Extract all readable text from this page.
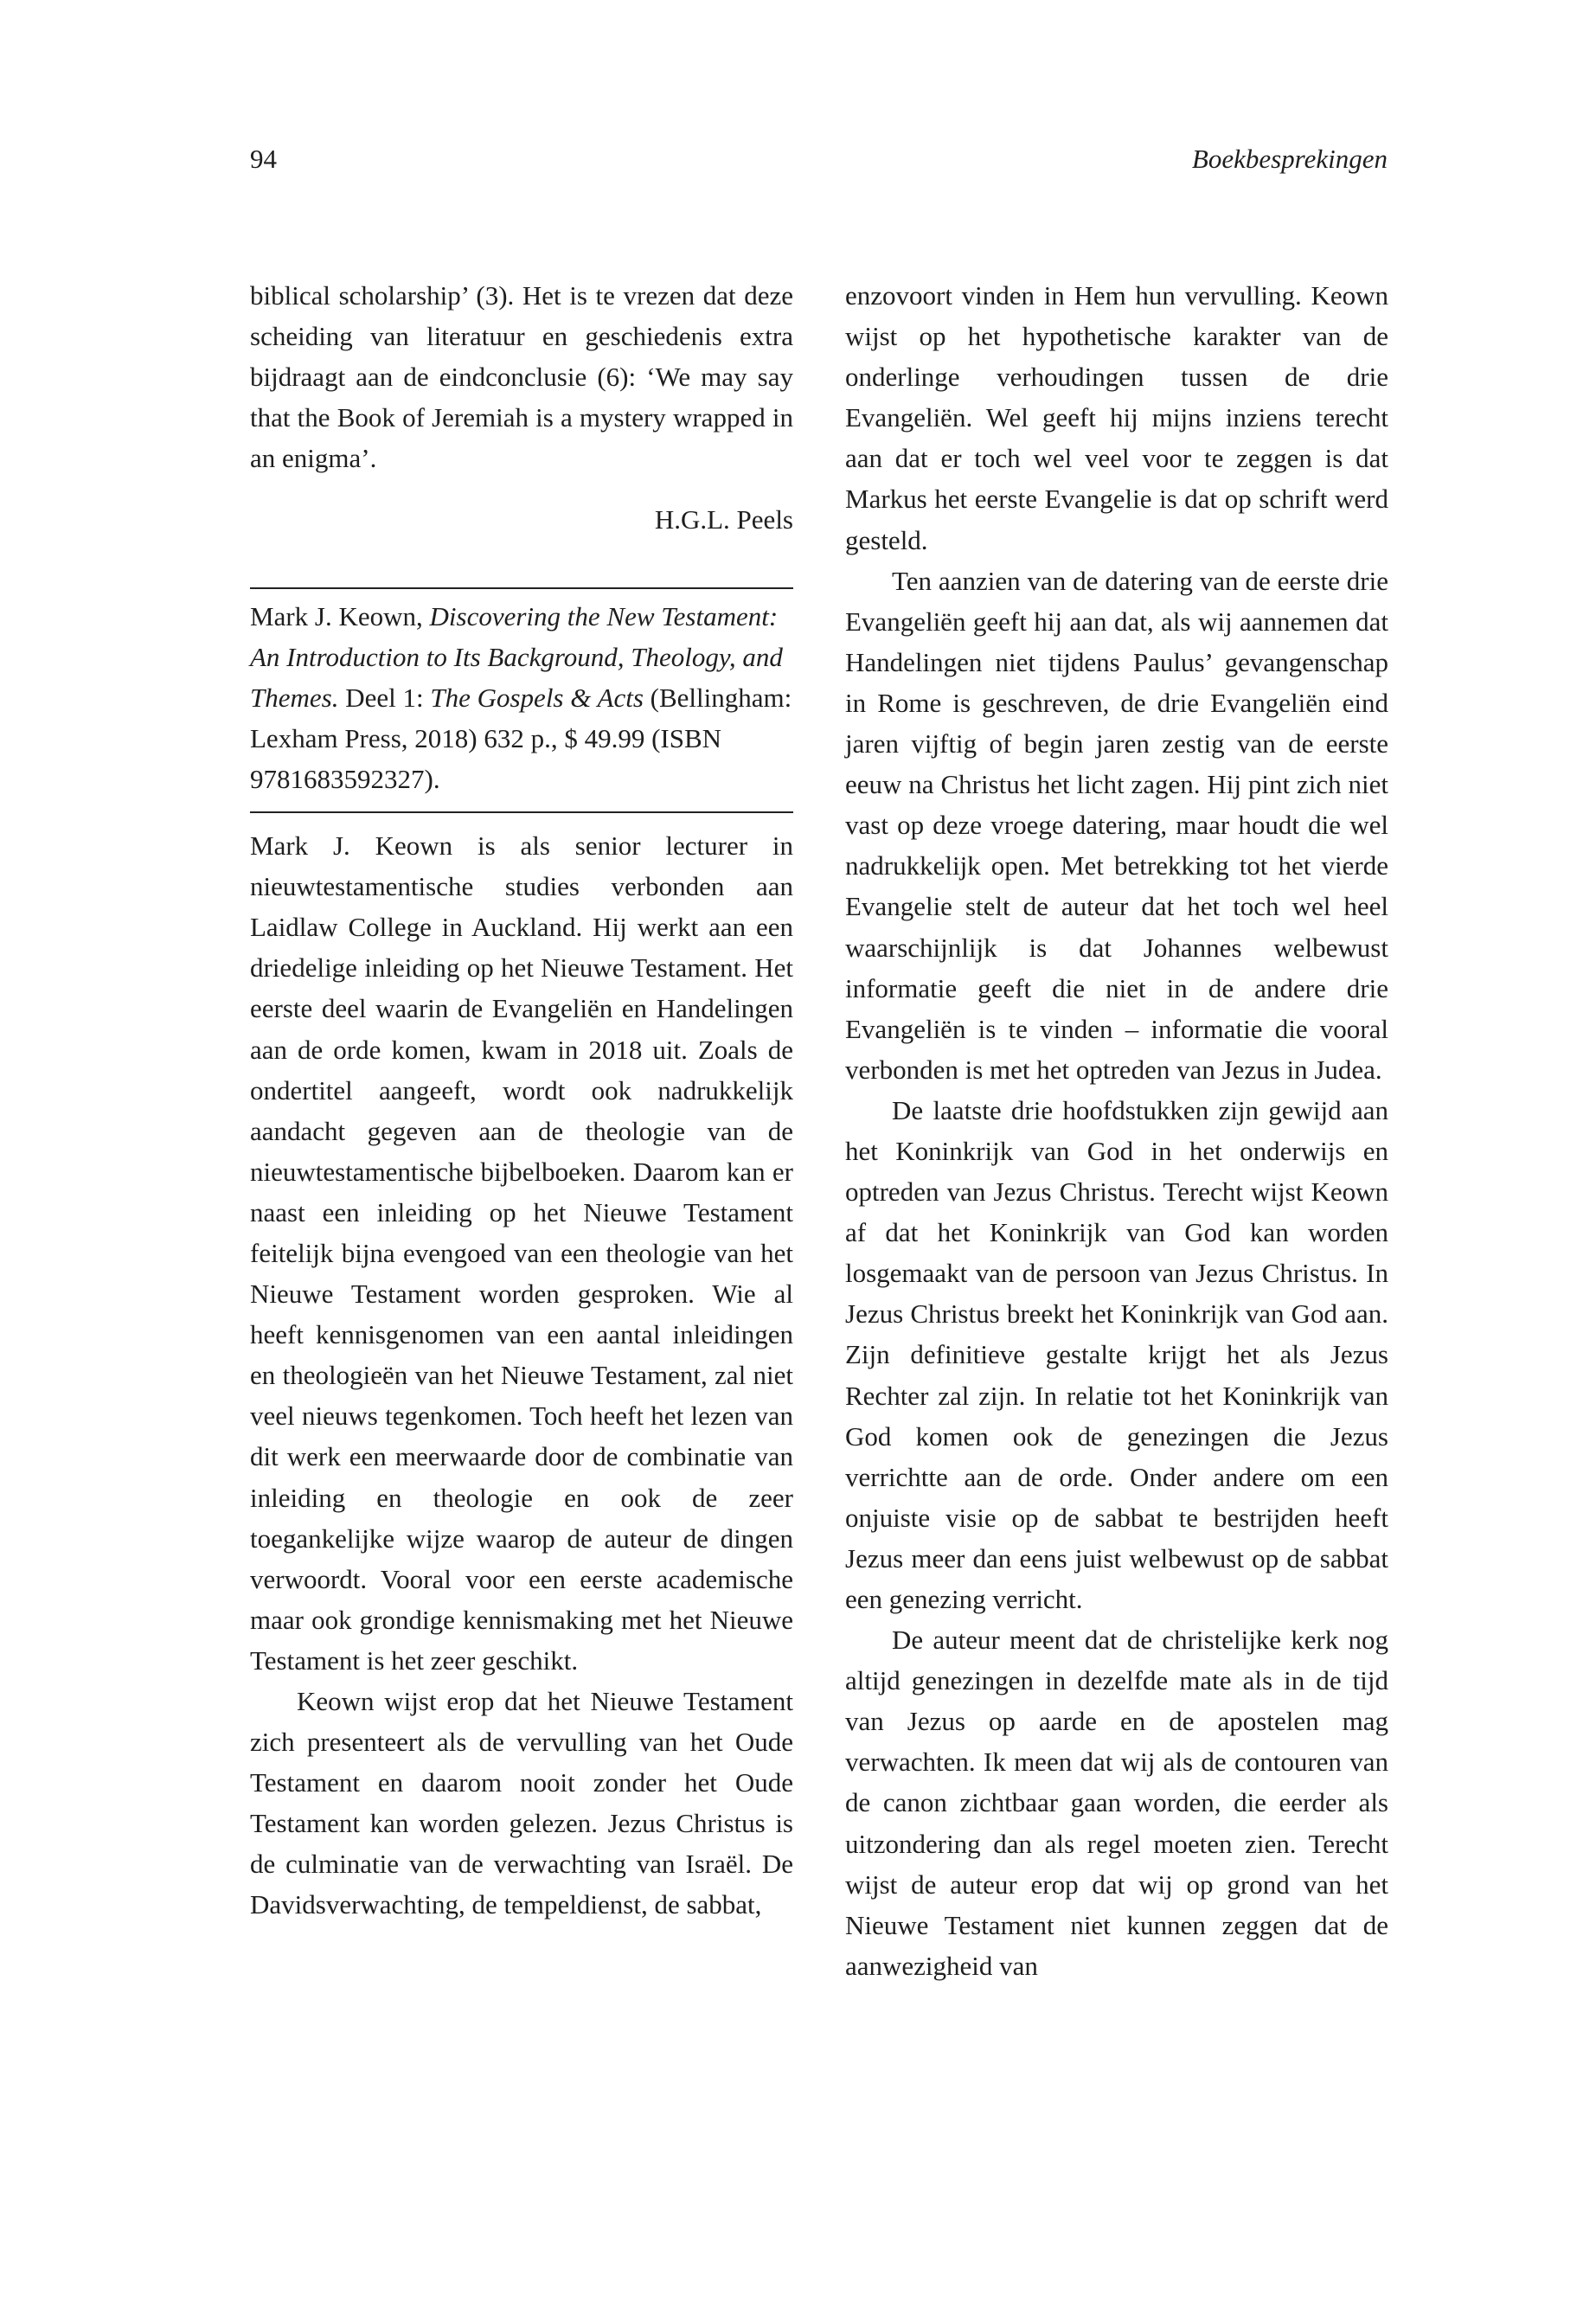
94	Boekbesprekingen

biblical scholarship’ (3). Het is te vrezen dat deze scheiding van literatuur en geschiedenis extra bijdraagt aan de eindconclusie (6): ‘We may say that the Book of Jeremiah is a mystery wrapped in an enigma’.

H.G.L. Peels

Mark J. Keown, Discovering the New Testament: An Introduction to Its Background, Theology, and Themes. Deel 1: The Gospels & Acts (Bellingham: Lexham Press, 2018) 632 p., $ 49.99 (ISBN 9781683592327).

Mark J. Keown is als senior lecturer in nieuwtestamentische studies verbonden aan Laidlaw College in Auckland. Hij werkt aan een driedelige inleiding op het Nieuwe Testament. Het eerste deel waarin de Evangeliën en Handelingen aan de orde komen, kwam in 2018 uit. Zoals de ondertitel aangeeft, wordt ook nadrukkelijk aandacht gegeven aan de theologie van de nieuwtestamentische bijbelboeken. Daarom kan er naast een inleiding op het Nieuwe Testament feitelijk bijna evengoed van een theologie van het Nieuwe Testament worden gesproken. Wie al heeft kennisgenomen van een aantal inleidingen en theologieën van het Nieuwe Testament, zal niet veel nieuws tegenkomen. Toch heeft het lezen van dit werk een meerwaarde door de combinatie van inleiding en theologie en ook de zeer toegankelijke wijze waarop de auteur de dingen verwoordt. Vooral voor een eerste academische maar ook grondige kennismaking met het Nieuwe Testament is het zeer geschikt.

Keown wijst erop dat het Nieuwe Testament zich presenteert als de vervulling van het Oude Testament en daarom nooit zonder het Oude Testament kan worden gelezen. Jezus Christus is de culminatie van de verwachting van Israël. De Davidsverwachting, de tempeldienst, de sabbat,

enzovoort vinden in Hem hun vervulling. Keown wijst op het hypothetische karakter van de onderlinge verhoudingen tussen de drie Evangeliën. Wel geeft hij mijns inziens terecht aan dat er toch wel veel voor te zeggen is dat Markus het eerste Evangelie is dat op schrift werd gesteld.

Ten aanzien van de datering van de eerste drie Evangeliën geeft hij aan dat, als wij aannemen dat Handelingen niet tijdens Paulus’ gevangenschap in Rome is geschreven, de drie Evangeliën eind jaren vijftig of begin jaren zestig van de eerste eeuw na Christus het licht zagen. Hij pint zich niet vast op deze vroege datering, maar houdt die wel nadrukkelijk open. Met betrekking tot het vierde Evangelie stelt de auteur dat het toch wel heel waarschijnlijk is dat Johannes welbewust informatie geeft die niet in de andere drie Evangeliën is te vinden – informatie die vooral verbonden is met het optreden van Jezus in Judea.

De laatste drie hoofdstukken zijn gewijd aan het Koninkrijk van God in het onderwijs en optreden van Jezus Christus. Terecht wijst Keown af dat het Koninkrijk van God kan worden losgemaakt van de persoon van Jezus Christus. In Jezus Christus breekt het Koninkrijk van God aan. Zijn definitieve gestalte krijgt het als Jezus Rechter zal zijn. In relatie tot het Koninkrijk van God komen ook de genezingen die Jezus verrichtte aan de orde. Onder andere om een onjuiste visie op de sabbat te bestrijden heeft Jezus meer dan eens juist welbewust op de sabbat een genezing verricht.

De auteur meent dat de christelijke kerk nog altijd genezingen in dezelfde mate als in de tijd van Jezus op aarde en de apostelen mag verwachten. Ik meen dat wij als de contouren van de canon zichtbaar gaan worden, die eerder als uitzondering dan als regel moeten zien. Terecht wijst de auteur erop dat wij op grond van het Nieuwe Testament niet kunnen zeggen dat de aanwezigheid van
